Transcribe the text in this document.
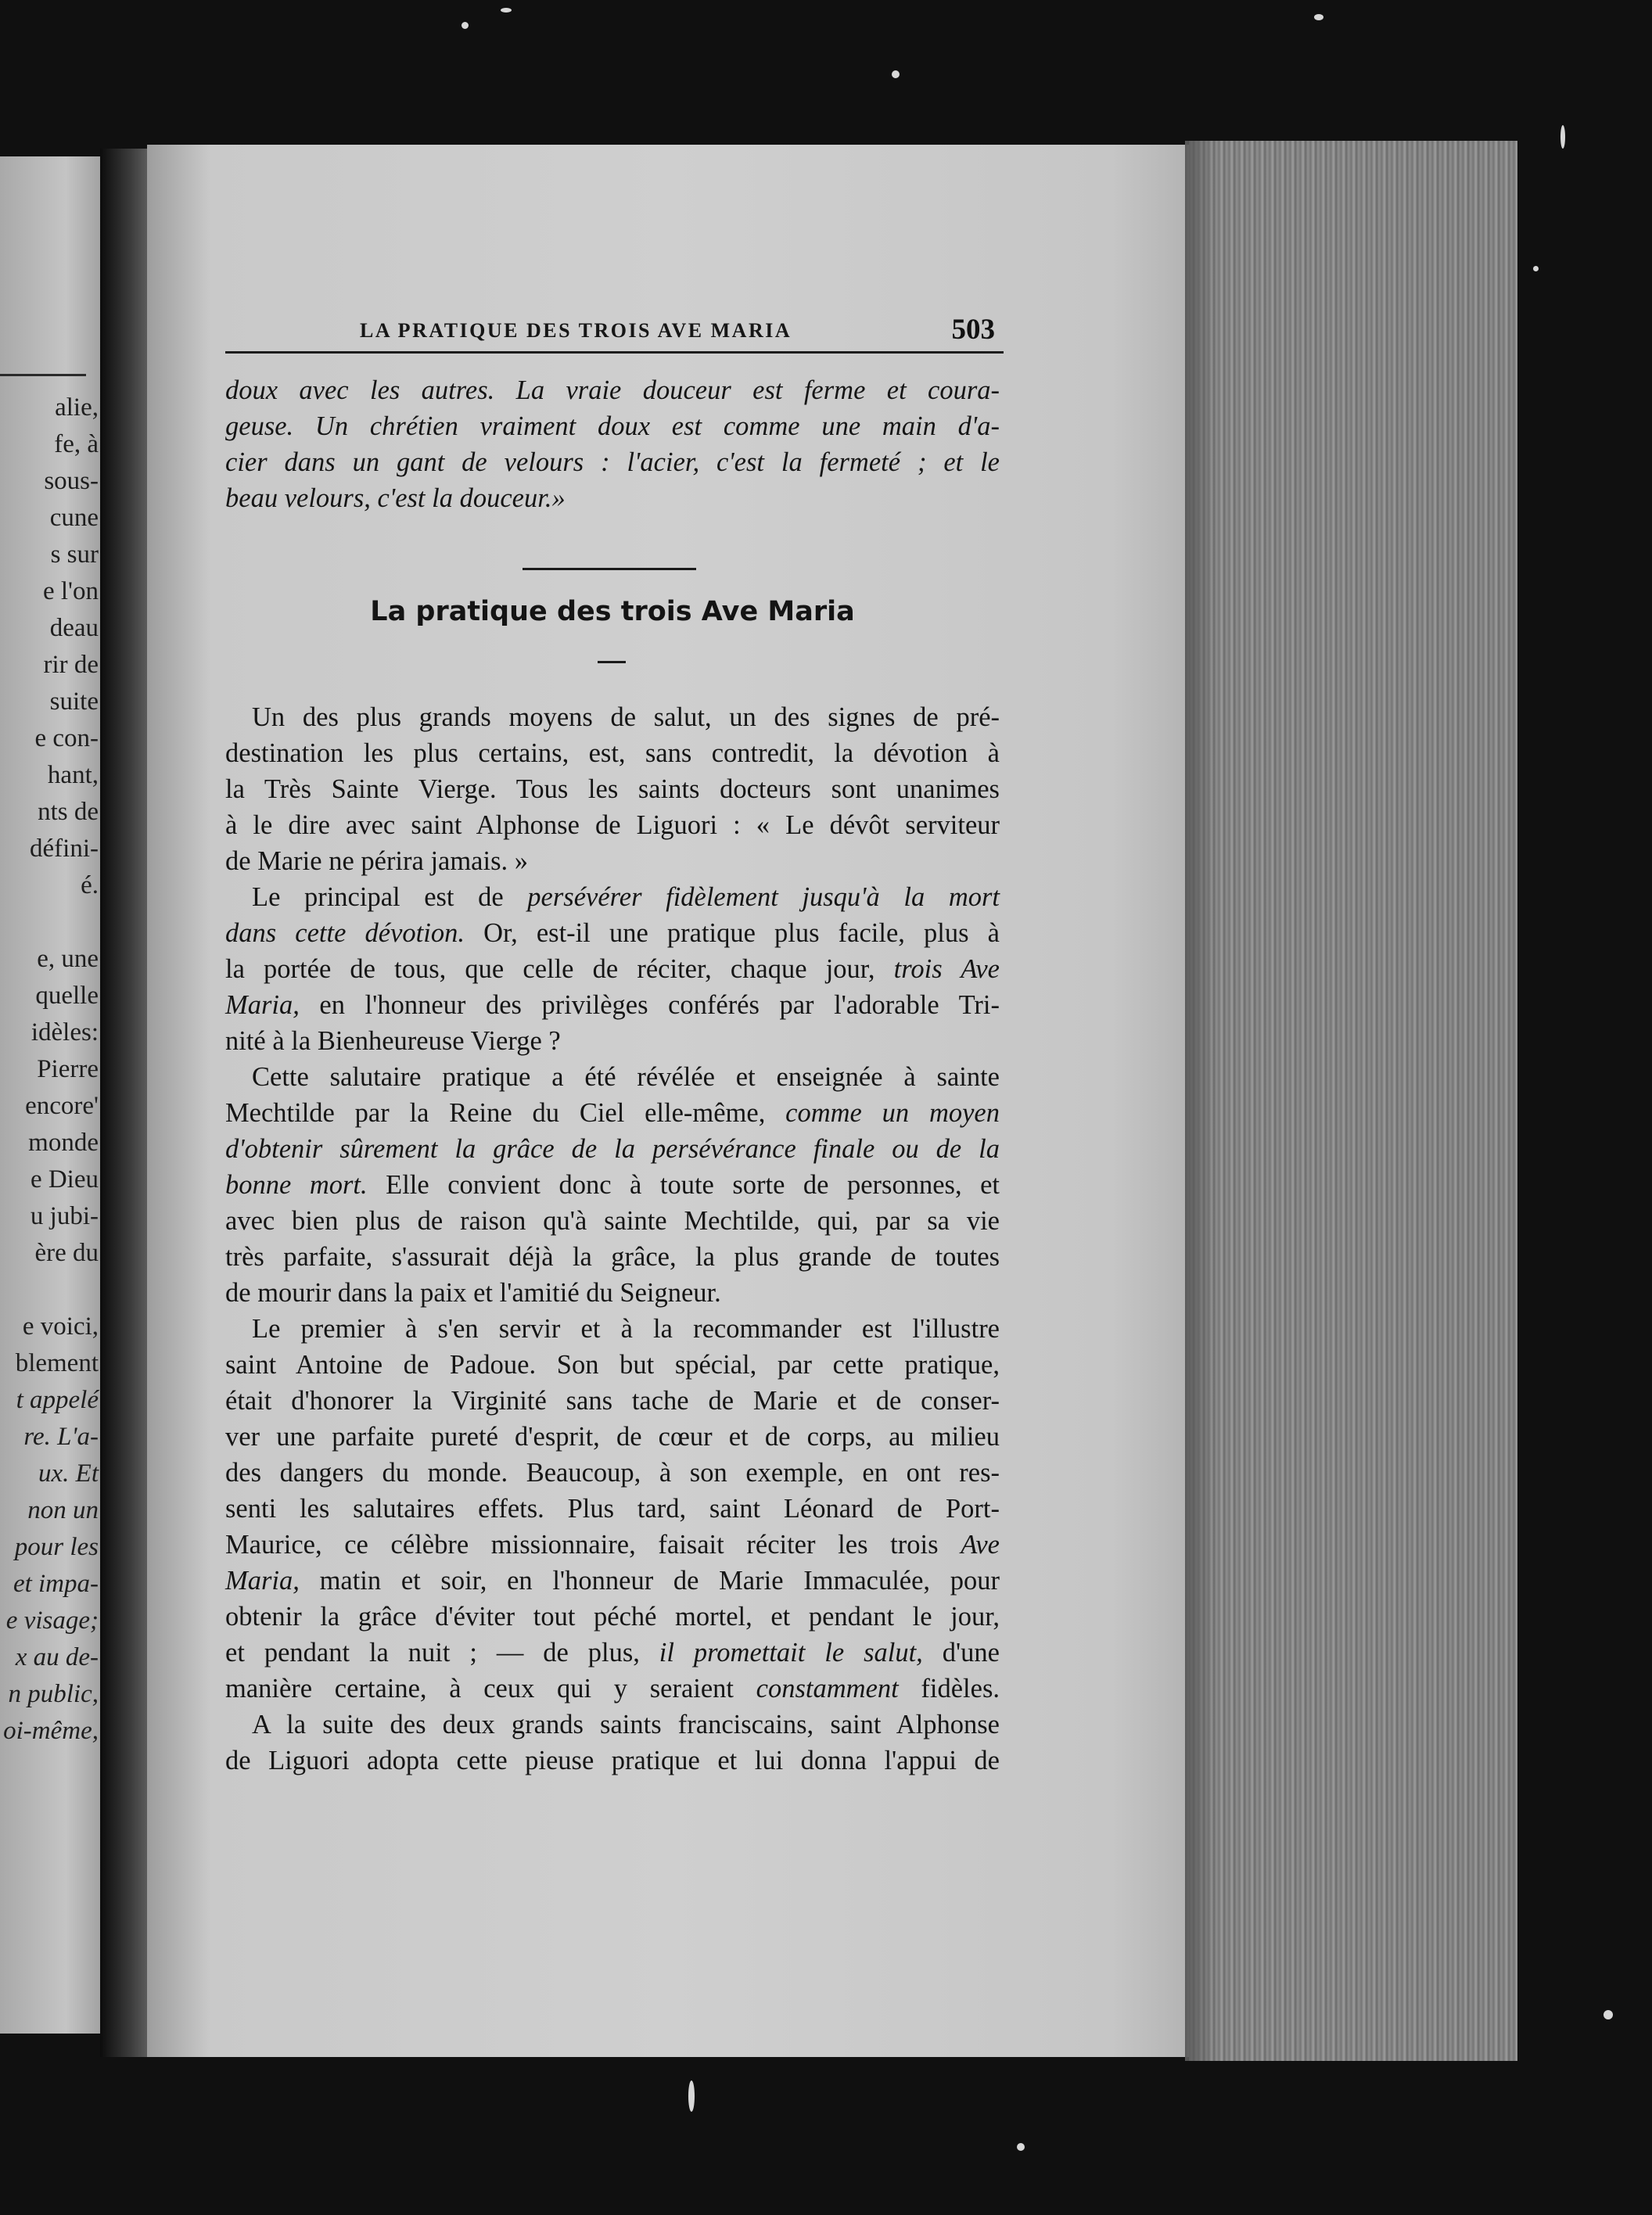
alie,
fe, à
sous-
cune
s sur
e l'on
deau
rir de
suite
e con-
hant,
nts de
défini-
é.
e, une
quelle
idèles:
Pierre
encore'
monde
e Dieu
u jubi-
ère du
e voici,
blement
t appelé
re. L'a-
ux. Et
non un
pour les
et impa-
e visage;
x au de-
n public,
oi-même,
LA PRATIQUE DES TROIS AVE MARIA	503
doux avec les autres. La vraie douceur est ferme et coura-
geuse. Un chrétien vraiment doux est comme une main d'a-
cier dans un gant de velours : l'acier, c'est la fermeté ; et le
beau velours, c'est la douceur.»
La pratique des trois Ave Maria
Un des plus grands moyens de salut, un des signes de pré-
destination les plus certains, est, sans contredit, la dévotion à
la Très Sainte Vierge. Tous les saints docteurs sont unanimes
à le dire avec saint Alphonse de Liguori : « Le dévôt serviteur
de Marie ne périra jamais. »
Le principal est de persévérer fidèlement jusqu'à la mort
dans cette dévotion. Or, est-il une pratique plus facile, plus à
la portée de tous, que celle de réciter, chaque jour, trois Ave
Maria, en l'honneur des privilèges conférés par l'adorable Tri-
nité à la Bienheureuse Vierge ?
Cette salutaire pratique a été révélée et enseignée à sainte
Mechtilde par la Reine du Ciel elle-même, comme un moyen
d'obtenir sûrement la grâce de la persévérance finale ou de la
bonne mort. Elle convient donc à toute sorte de personnes, et
avec bien plus de raison qu'à sainte Mechtilde, qui, par sa vie
très parfaite, s'assurait déjà la grâce, la plus grande de toutes
de mourir dans la paix et l'amitié du Seigneur.
Le premier à s'en servir et à la recommander est l'illustre
saint Antoine de Padoue. Son but spécial, par cette pratique,
était d'honorer la Virginité sans tache de Marie et de conser-
ver une parfaite pureté d'esprit, de cœur et de corps, au milieu
des dangers du monde. Beaucoup, à son exemple, en ont res-
senti les salutaires effets. Plus tard, saint Léonard de Port-
Maurice, ce célèbre missionnaire, faisait réciter les trois Ave
Maria, matin et soir, en l'honneur de Marie Immaculée, pour
obtenir la grâce d'éviter tout péché mortel, et pendant le jour,
et pendant la nuit ; — de plus, il promettait le salut, d'une
manière certaine, à ceux qui y seraient constamment fidèles.
A la suite des deux grands saints franciscains, saint Alphonse
de Liguori adopta cette pieuse pratique et lui donna l'appui de
